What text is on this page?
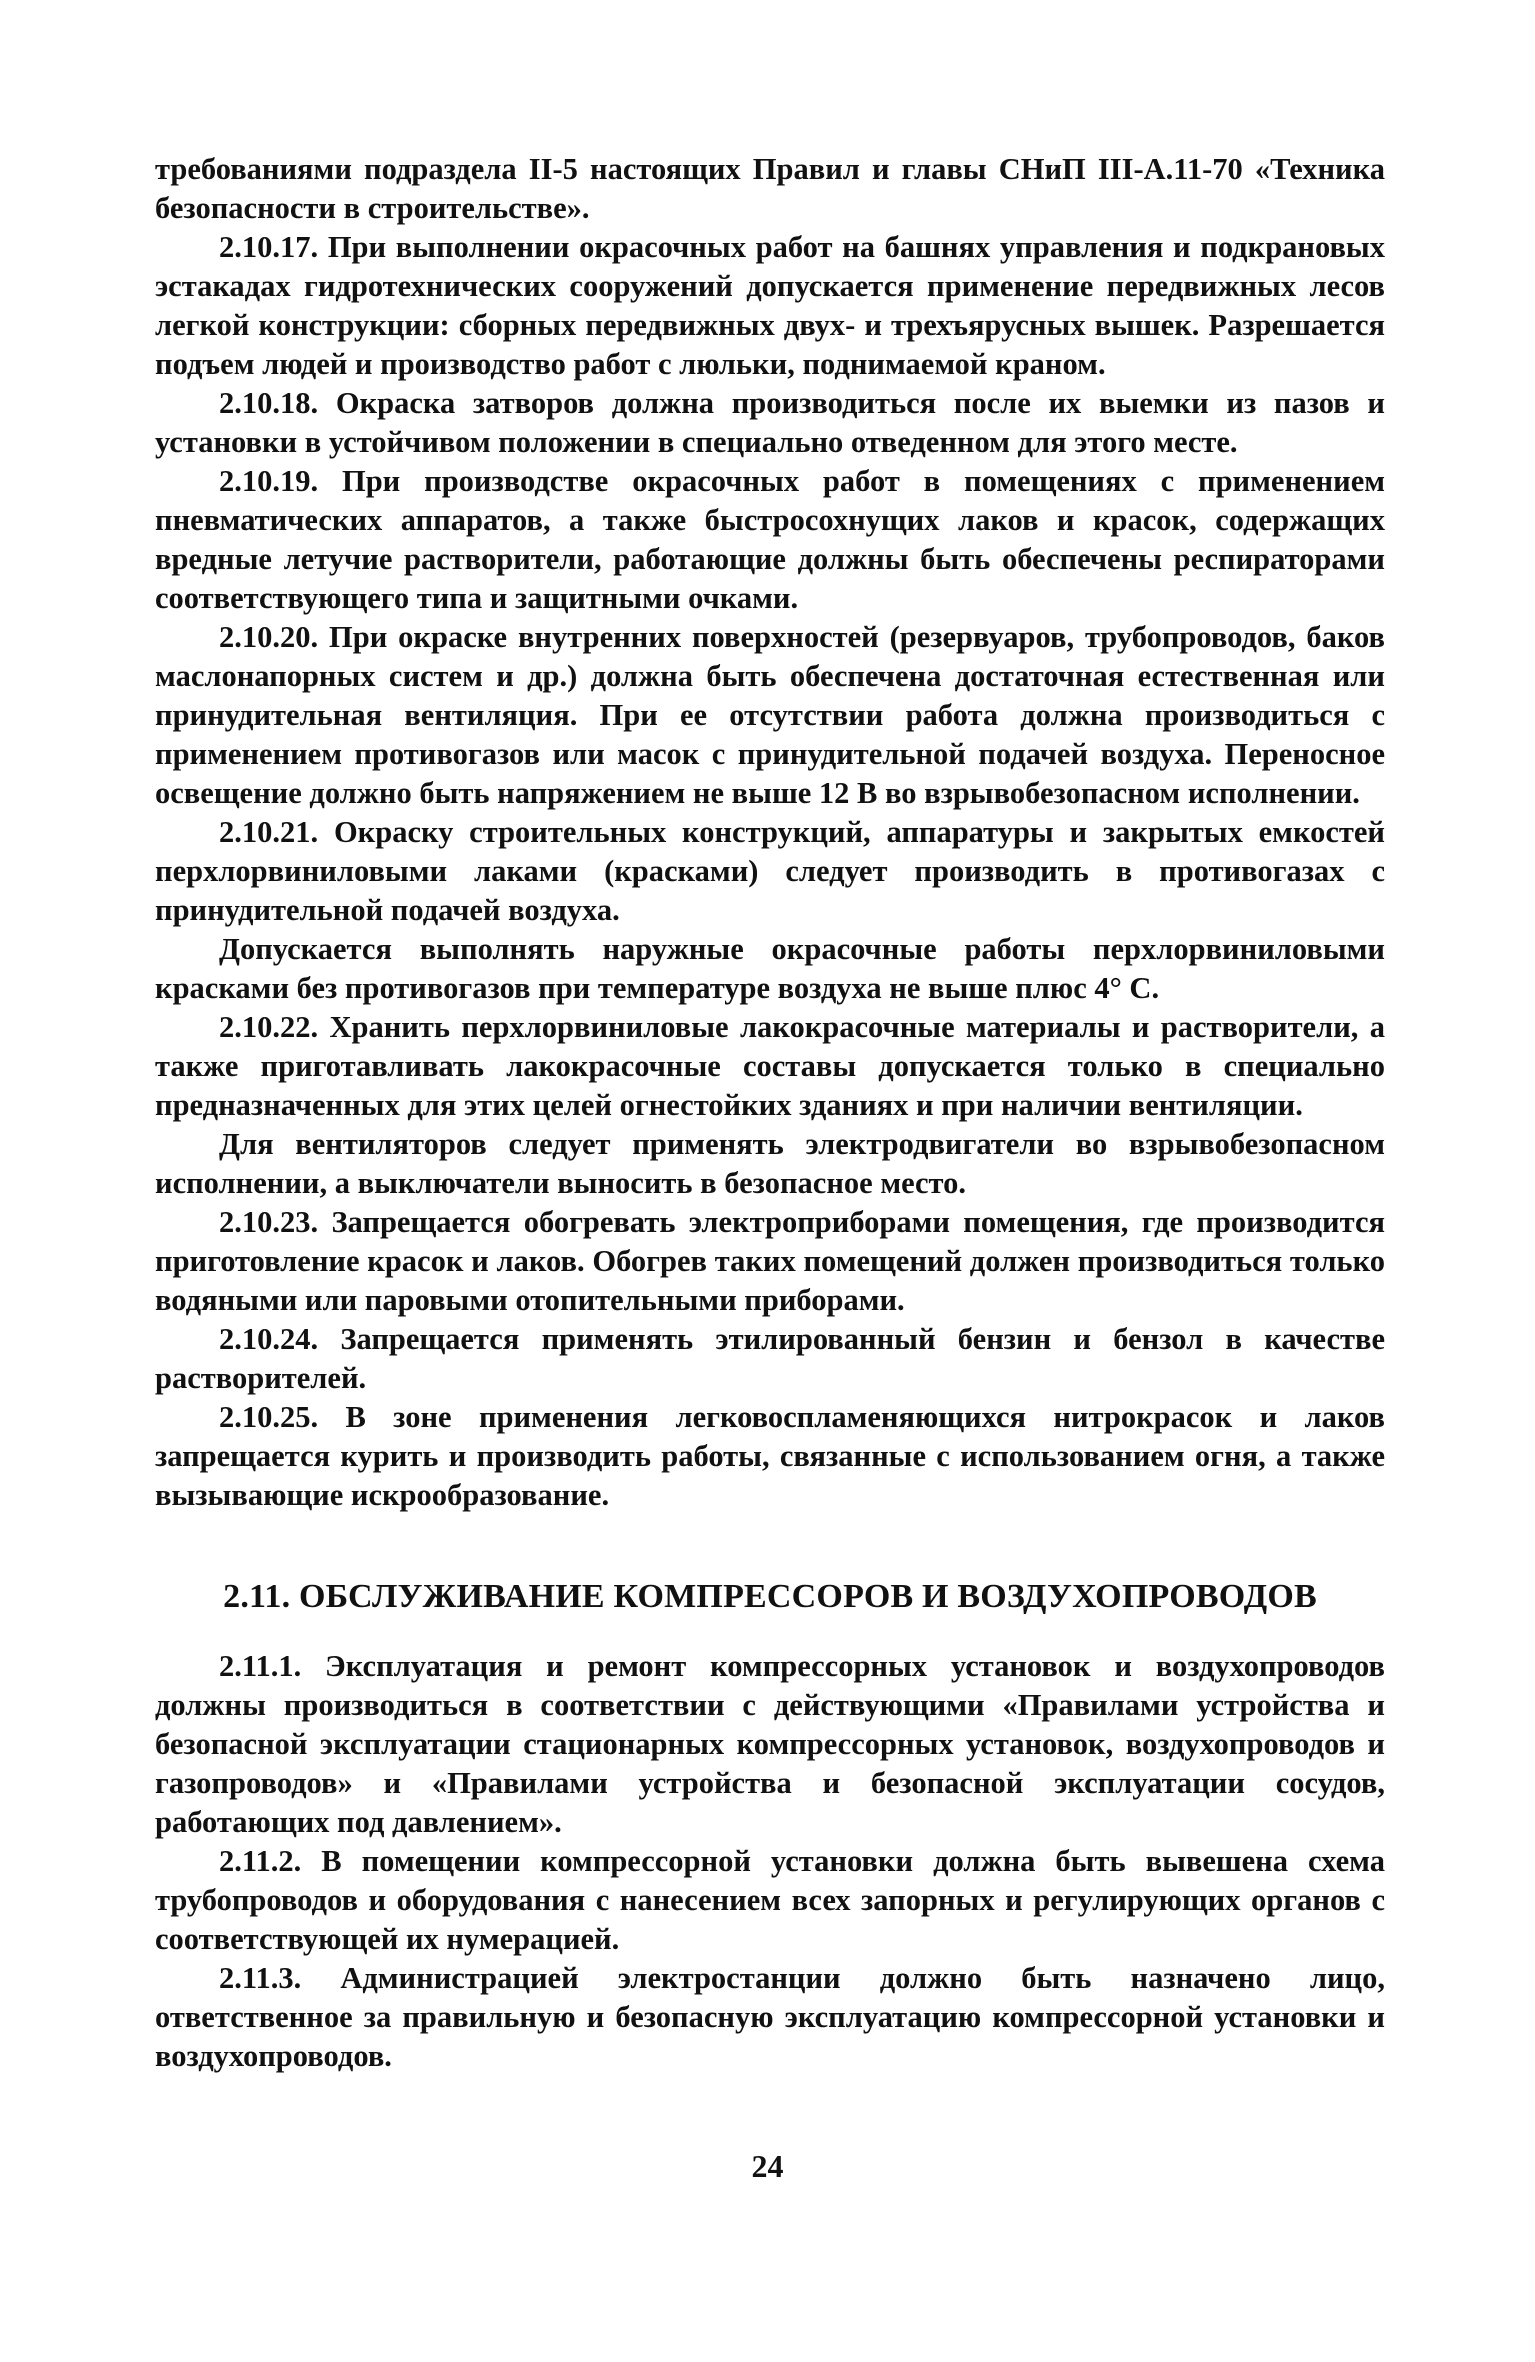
требованиями подраздела II-5 настоящих Правил и главы СНиП III-А.11-70 «Техника безопасности в строительстве».

2.10.17. При выполнении окрасочных работ на башнях управления и подкрановых эстакадах гидротехнических сооружений допускается применение передвижных лесов легкой конструкции: сборных передвижных двух- и трехъярусных вышек. Разрешается подъем людей и производство работ с люльки, поднимаемой краном.

2.10.18. Окраска затворов должна производиться после их выемки из пазов и установки в устойчивом положении в специально отведенном для этого месте.

2.10.19. При производстве окрасочных работ в помещениях с применением пневматических аппаратов, а также быстросохнущих лаков и красок, содержащих вредные летучие растворители, работающие должны быть обеспечены респираторами соответствующего типа и защитными очками.

2.10.20. При окраске внутренних поверхностей (резервуаров, трубопроводов, баков маслонапорных систем и др.) должна быть обеспечена достаточная естественная или принудительная вентиляция. При ее отсутствии работа должна производиться с применением противогазов или масок с принудительной подачей воздуха. Переносное освещение должно быть напряжением не выше 12 В во взрывобезопасном исполнении.

2.10.21. Окраску строительных конструкций, аппаратуры и закрытых емкостей перхлорвиниловыми лаками (красками) следует производить в противогазах с принудительной подачей воздуха.

Допускается выполнять наружные окрасочные работы перхлорвиниловыми красками без противогазов при температуре воздуха не выше плюс 4° С.

2.10.22. Хранить перхлорвиниловые лакокрасочные материалы и растворители, а также приготавливать лакокрасочные составы допускается только в специально предназначенных для этих целей огнестойких зданиях и при наличии вентиляции.

Для вентиляторов следует применять электродвигатели во взрывобезопасном исполнении, а выключатели выносить в безопасное место.

2.10.23. Запрещается обогревать электроприборами помещения, где производится приготовление красок и лаков. Обогрев таких помещений должен производиться только водяными или паровыми отопительными приборами.

2.10.24. Запрещается применять этилированный бензин и бензол в качестве растворителей.

2.10.25. В зоне применения легковоспламеняющихся нитрокрасок и лаков запрещается курить и производить работы, связанные с использованием огня, а также вызывающие искрообразование.

2.11. ОБСЛУЖИВАНИЕ КОМПРЕССОРОВ И ВОЗДУХОПРОВОДОВ

2.11.1. Эксплуатация и ремонт компрессорных установок и воздухопроводов должны производиться в соответствии с действующими «Правилами устройства и безопасной эксплуатации стационарных компрессорных установок, воздухопроводов и газопроводов» и «Правилами устройства и безопасной эксплуатации сосудов, работающих под давлением».

2.11.2. В помещении компрессорной установки должна быть вывешена схема трубопроводов и оборудования с нанесением всех запорных и регулирующих органов с соответствующей их нумерацией.

2.11.3. Администрацией электростанции должно быть назначено лицо, ответственное за правильную и безопасную эксплуатацию компрессорной установки и воздухопроводов.

24
